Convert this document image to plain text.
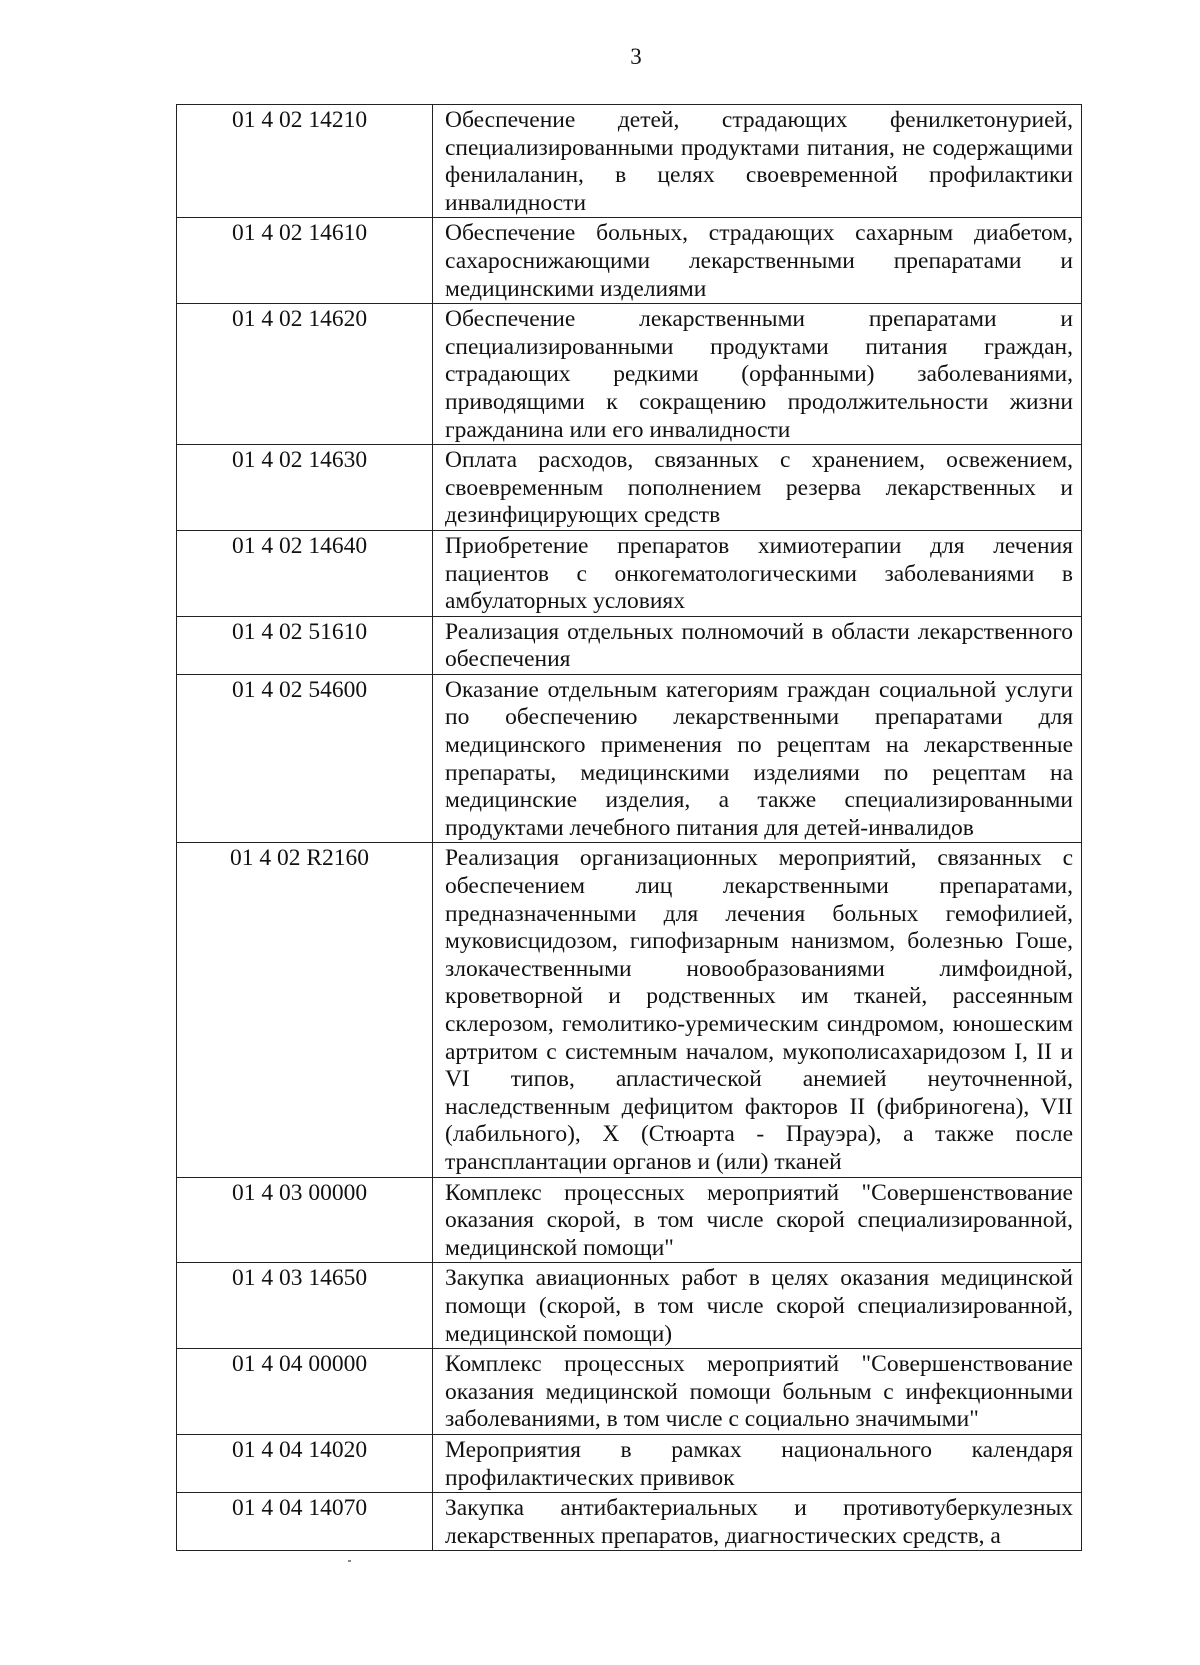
3
01 4 02 14210	Обеспечение детей, страдающих фенилкетонурией, специализированными продуктами питания, не содержащими фенилаланин, в целях своевременной профилактики инвалидности
01 4 02 14610	Обеспечение больных, страдающих сахарным диабетом, сахароснижающими лекарственными препаратами и медицинскими изделиями
01 4 02 14620	Обеспечение лекарственными препаратами и специализированными продуктами питания граждан, страдающих редкими (орфанными) заболеваниями, приводящими к сокращению продолжительности жизни гражданина или его инвалидности
01 4 02 14630	Оплата расходов, связанных с хранением, освежением, своевременным пополнением резерва лекарственных и дезинфицирующих средств
01 4 02 14640	Приобретение препаратов химиотерапии для лечения пациентов с онкогематологическими заболеваниями в амбулаторных условиях
01 4 02 51610	Реализация отдельных полномочий в области лекарственного обеспечения
01 4 02 54600	Оказание отдельным категориям граждан социальной услуги по обеспечению лекарственными препаратами для медицинского применения по рецептам на лекарственные препараты, медицинскими изделиями по рецептам на медицинские изделия, а также специализированными продуктами лечебного питания для детей-инвалидов
01 4 02 R2160	Реализация организационных мероприятий, связанных с обеспечением лиц лекарственными препаратами, предназначенными для лечения больных гемофилией, муковисцидозом, гипофизарным нанизмом, болезнью Гоше, злокачественными новообразованиями лимфоидной, кроветворной и родственных им тканей, рассеянным склерозом, гемолитико-уремическим синдромом, юношеским артритом с системным началом, мукополисахаридозом I, II и VI типов, апластической анемией неуточненной, наследственным дефицитом факторов II (фибриногена), VII (лабильного), X (Стюарта - Прауэра), а также после трансплантации органов и (или) тканей
01 4 03 00000	Комплекс процессных мероприятий "Совершенствование оказания скорой, в том числе скорой специализированной, медицинской помощи"
01 4 03 14650	Закупка авиационных работ в целях оказания медицинской помощи (скорой, в том числе скорой специализированной, медицинской помощи)
01 4 04 00000	Комплекс процессных мероприятий "Совершенствование оказания медицинской помощи больным с инфекционными заболеваниями, в том числе с социально значимыми"
01 4 04 14020	Мероприятия в рамках национального календаря профилактических прививок
01 4 04 14070	Закупка антибактериальных и противотуберкулезных лекарственных препаратов, диагностических средств, а
